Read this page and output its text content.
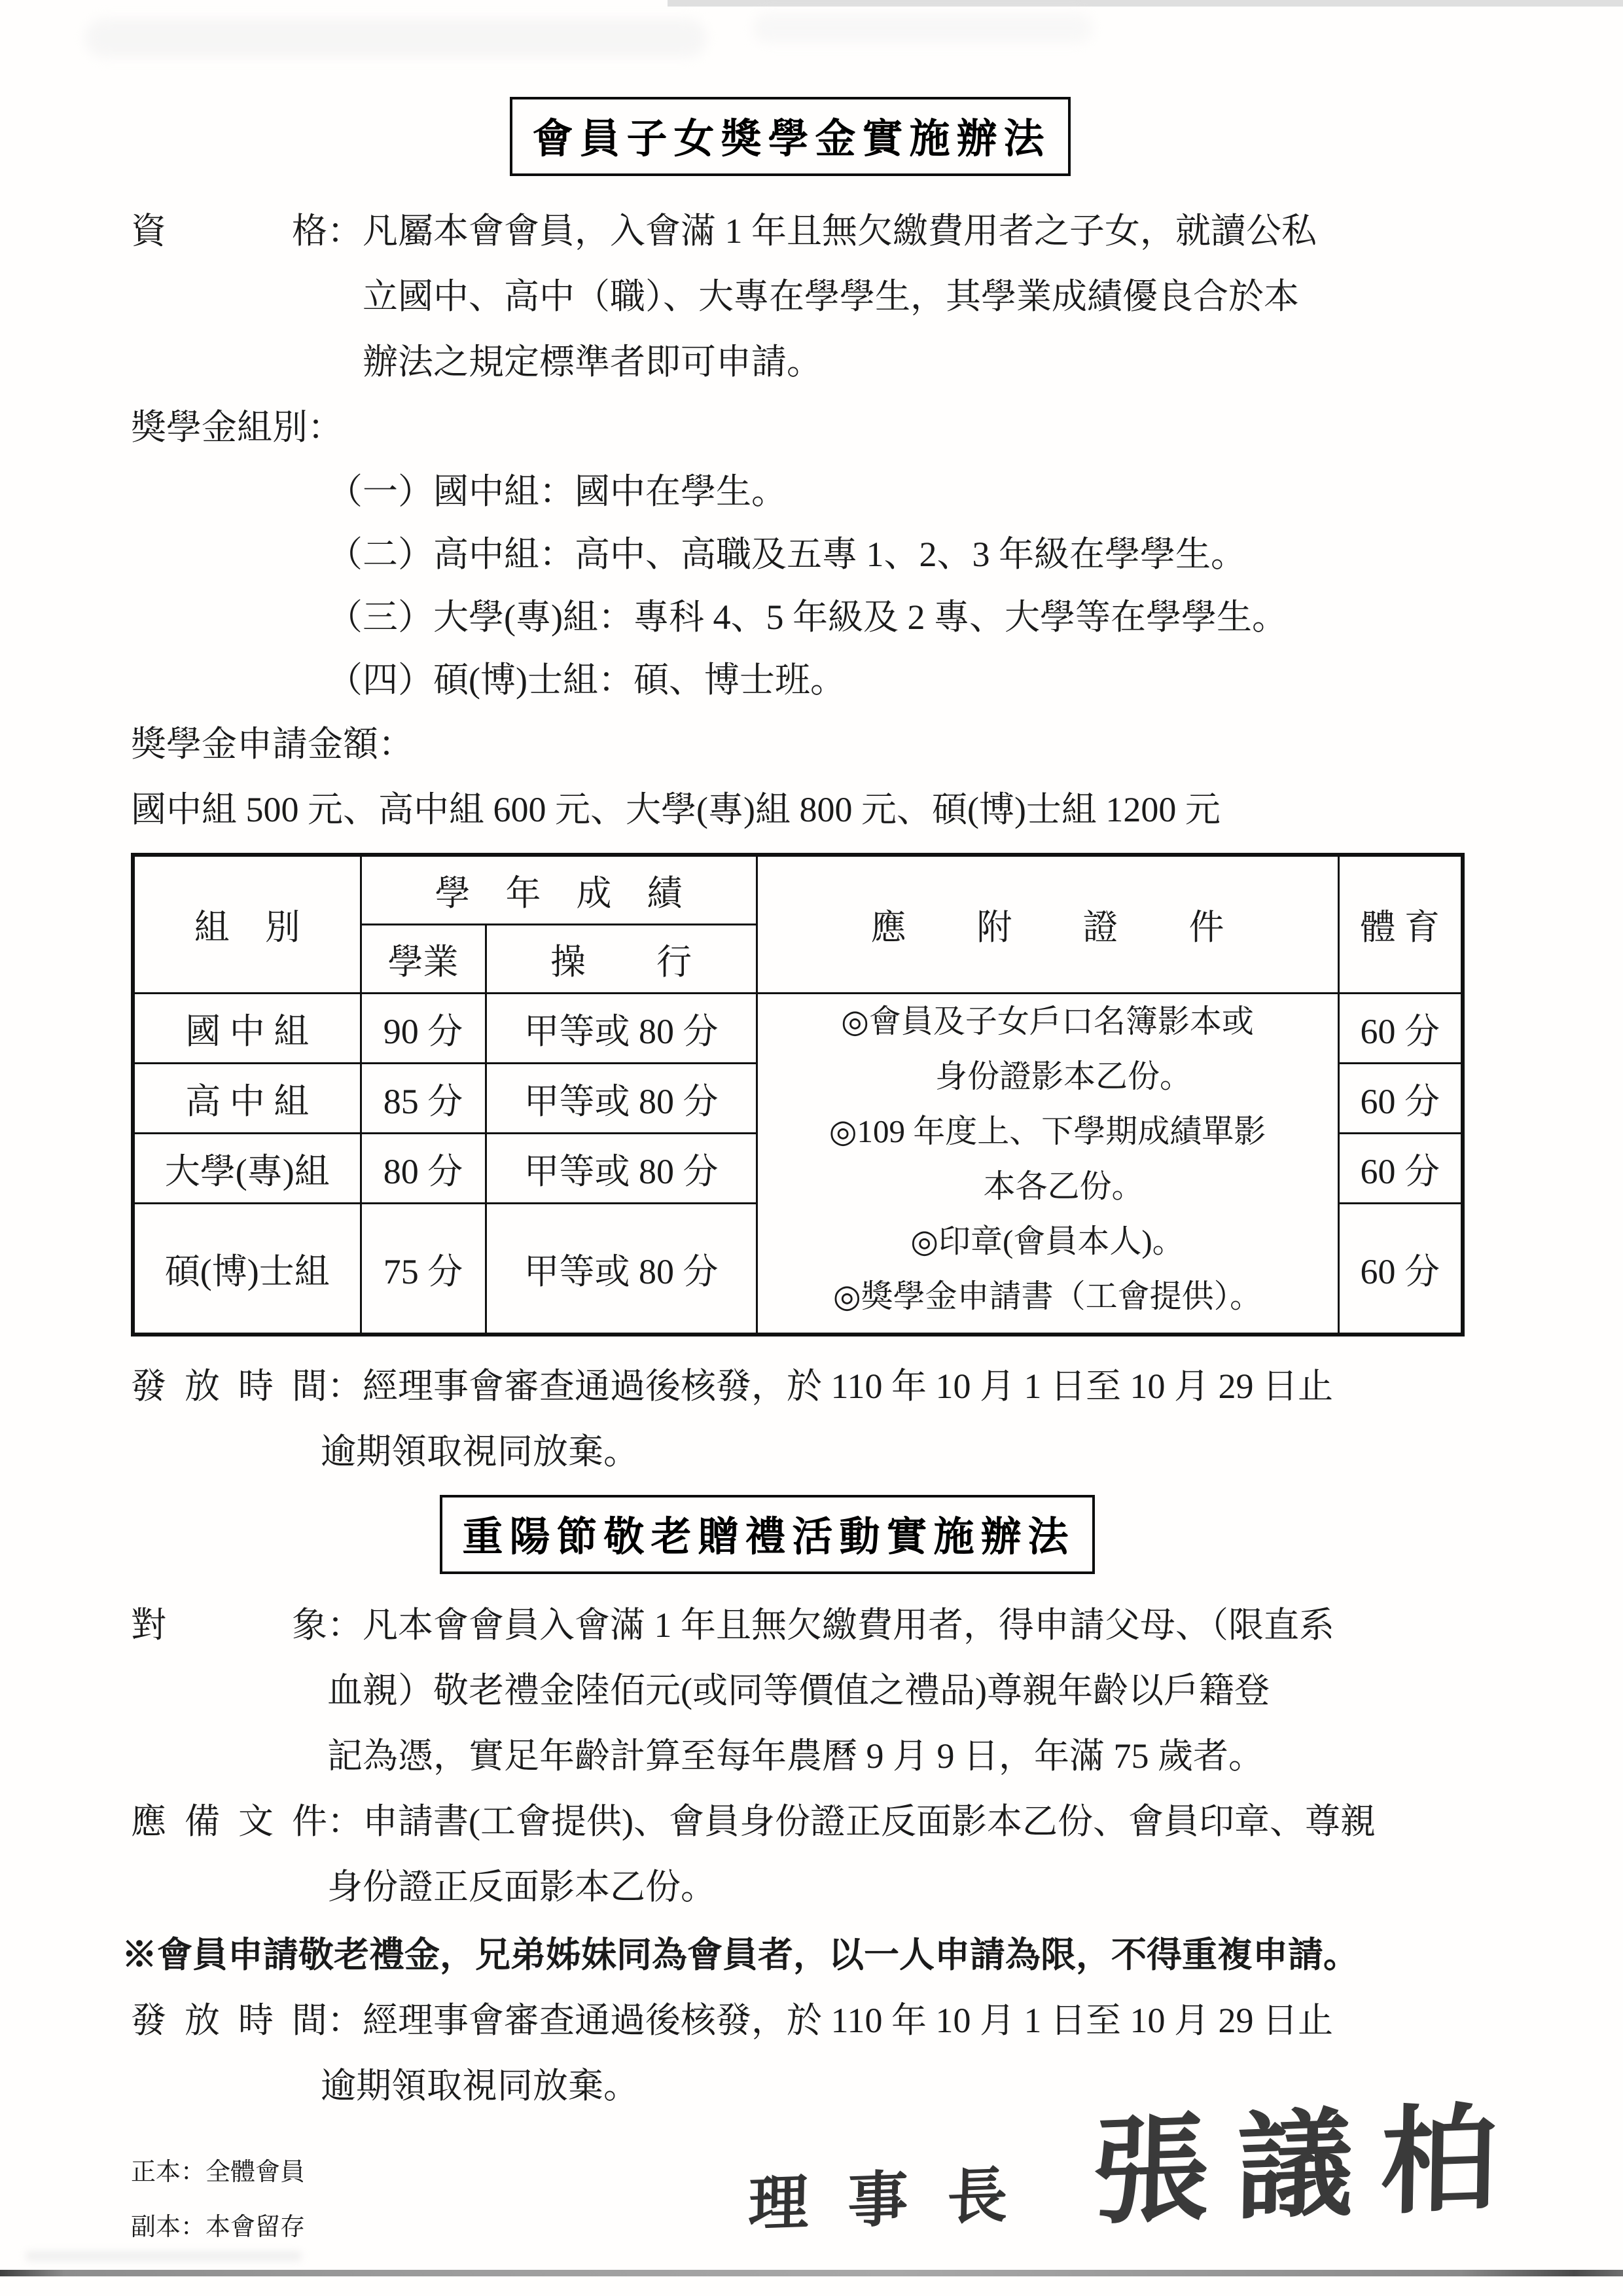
會員子女獎學金實施辦法
資格：凡屬本會會員，入會滿 1 年且無欠繳費用者之子女，就讀公私
立國中、高中（職）、大專在學學生，其學業成績優良合於本
辦法之規定標準者即可申請。
獎學金組別：
（一）國中組：國中在學生。
（二）高中組：高中、高職及五專 1、2、3 年級在學學生。
（三）大學(專)組：專科 4、5 年級及 2 專、大學等在學學生。
（四）碩(博)士組：碩、博士班。
獎學金申請金額：
國中組 500 元、高中組 600 元、大學(專)組 800 元、碩(博)士組 1200 元
組　別	學　年　成　績		應　　附　　證　　件	體 育
	學業	操　　行		
國 中 組	90 分	甲等或 80 分	◎會員及子女戶口名簿影本或
　身份證影本乙份。
◎109 年度上、下學期成績單影
　本各乙份。
◎印章(會員本人)。
◎獎學金申請書（工會提供）。
	60 分
高 中 組	85 分	甲等或 80 分		60 分
大學(專)組	80 分	甲等或 80 分		60 分
碩(博)士組	75 分	甲等或 80 分		60 分
發放時間：經理事會審查通過後核發，於 110 年 10 月 1 日至 10 月 29 日止
逾期領取視同放棄。
重陽節敬老贈禮活動實施辦法
對象：凡本會會員入會滿 1 年且無欠繳費用者，得申請父母、（限直系
血親）敬老禮金陸佰元(或同等價值之禮品)尊親年齡以戶籍登
記為憑，實足年齡計算至每年農曆 9 月 9 日，年滿 75 歲者。
應備文件：申請書(工會提供)、會員身份證正反面影本乙份、會員印章、尊親
身份證正反面影本乙份。
※會員申請敬老禮金，兄弟姊妹同為會員者，以一人申請為限，不得重複申請。
發放時間：經理事會審查通過後核發，於 110 年 10 月 1 日至 10 月 29 日止
逾期領取視同放棄。
正本：全體會員
副本：本會留存	理事長 張議柏
